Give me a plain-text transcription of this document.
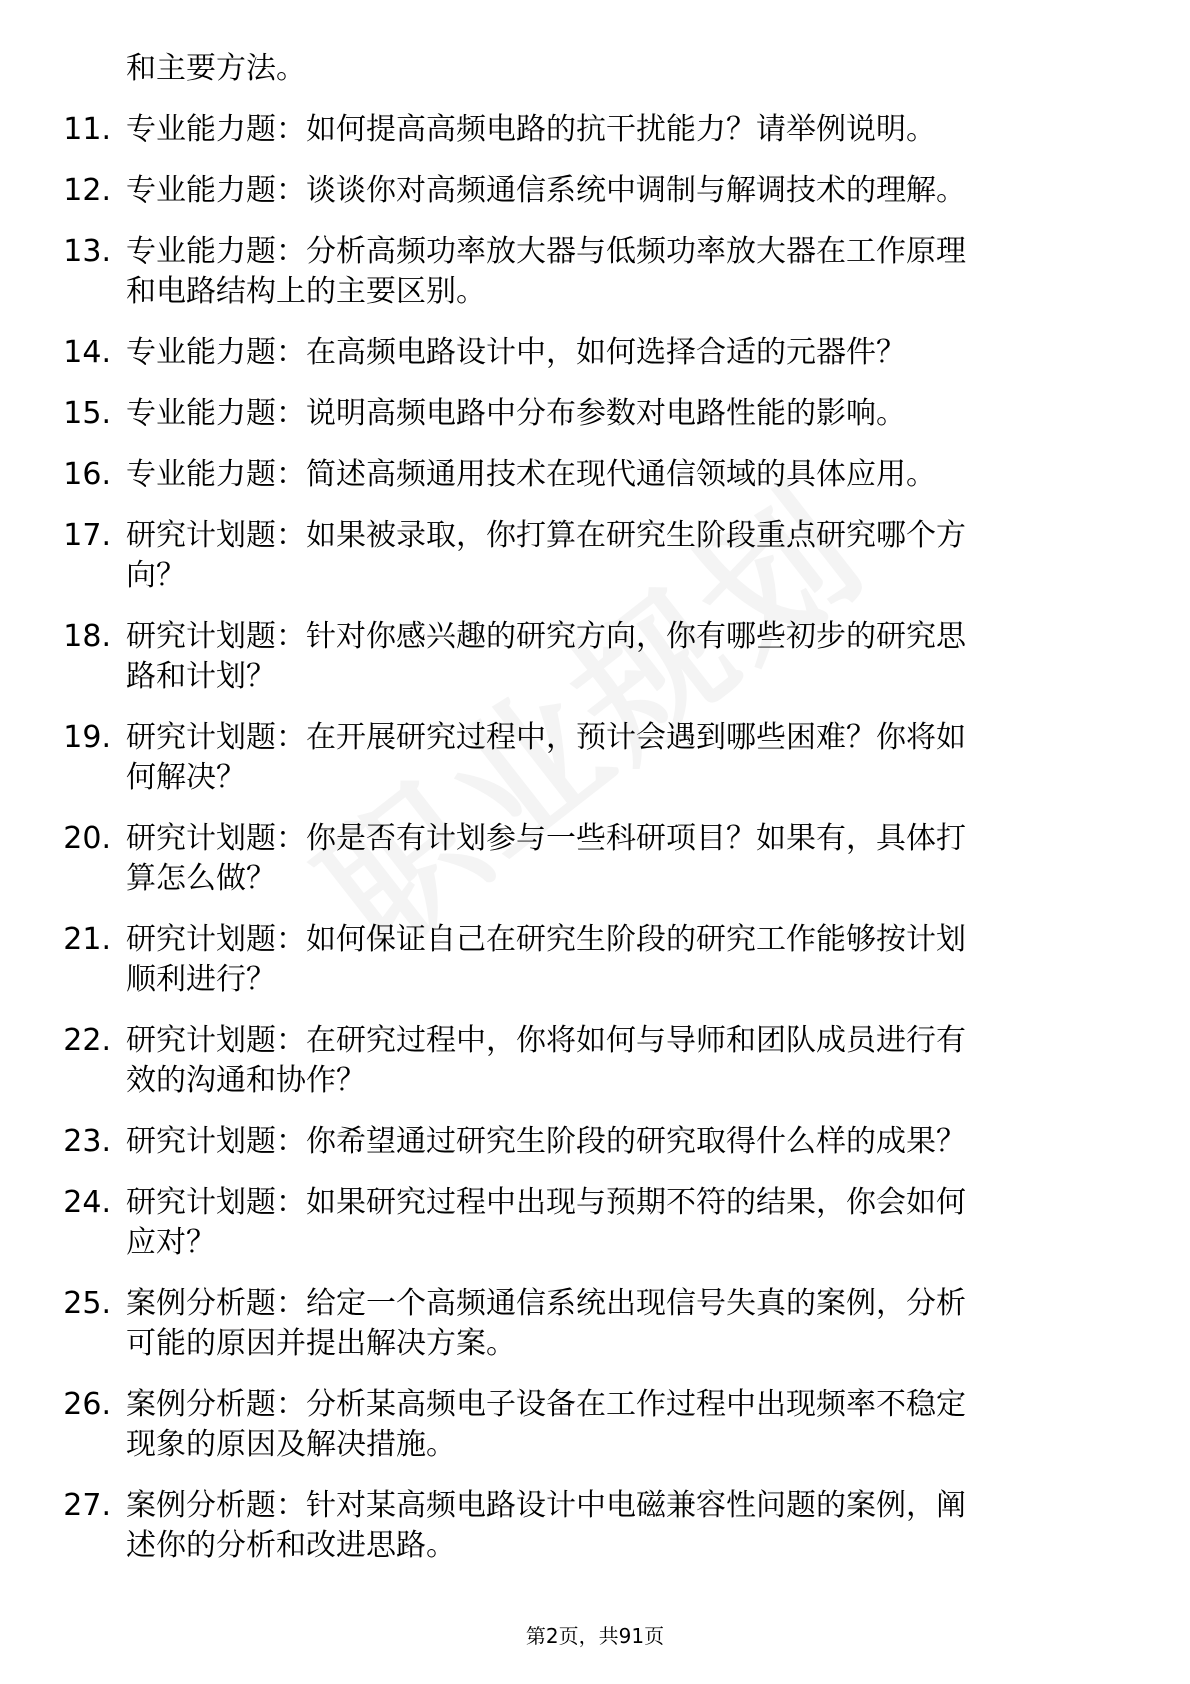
和主要方法。
11. 专业能力题：如何提高高频电路的抗干扰能力？请举例说明。
12. 专业能力题：谈谈你对高频通信系统中调制与解调技术的理解。
13. 专业能力题：分析高频功率放大器与低频功率放大器在工作原理
和电路结构上的主要区别。
14. 专业能力题：在高频电路设计中，如何选择合适的元器件？
15. 专业能力题：说明高频电路中分布参数对电路性能的影响。
16. 专业能力题：简述高频通用技术在现代通信领域的具体应用。
17. 研究计划题：如果被录取，你打算在研究生阶段重点研究哪个方
向？
18. 研究计划题：针对你感兴趣的研究方向，你有哪些初步的研究思
路和计划？
19. 研究计划题：在开展研究过程中，预计会遇到哪些困难？你将如
何解决？
20. 研究计划题：你是否有计划参与一些科研项目？如果有，具体打
算怎么做？
21. 研究计划题：如何保证自己在研究生阶段的研究工作能够按计划
顺利进行？
22. 研究计划题：在研究过程中，你将如何与导师和团队成员进行有
效的沟通和协作？
23. 研究计划题：你希望通过研究生阶段的研究取得什么样的成果？
24. 研究计划题：如果研究过程中出现与预期不符的结果，你会如何
应对？
25. 案例分析题：给定一个高频通信系统出现信号失真的案例，分析
可能的原因并提出解决方案。
26. 案例分析题：分析某高频电子设备在工作过程中出现频率不稳定
现象的原因及解决措施。
27. 案例分析题：针对某高频电路设计中电磁兼容性问题的案例，阐
述你的分析和改进思路。
第2页，共91页
